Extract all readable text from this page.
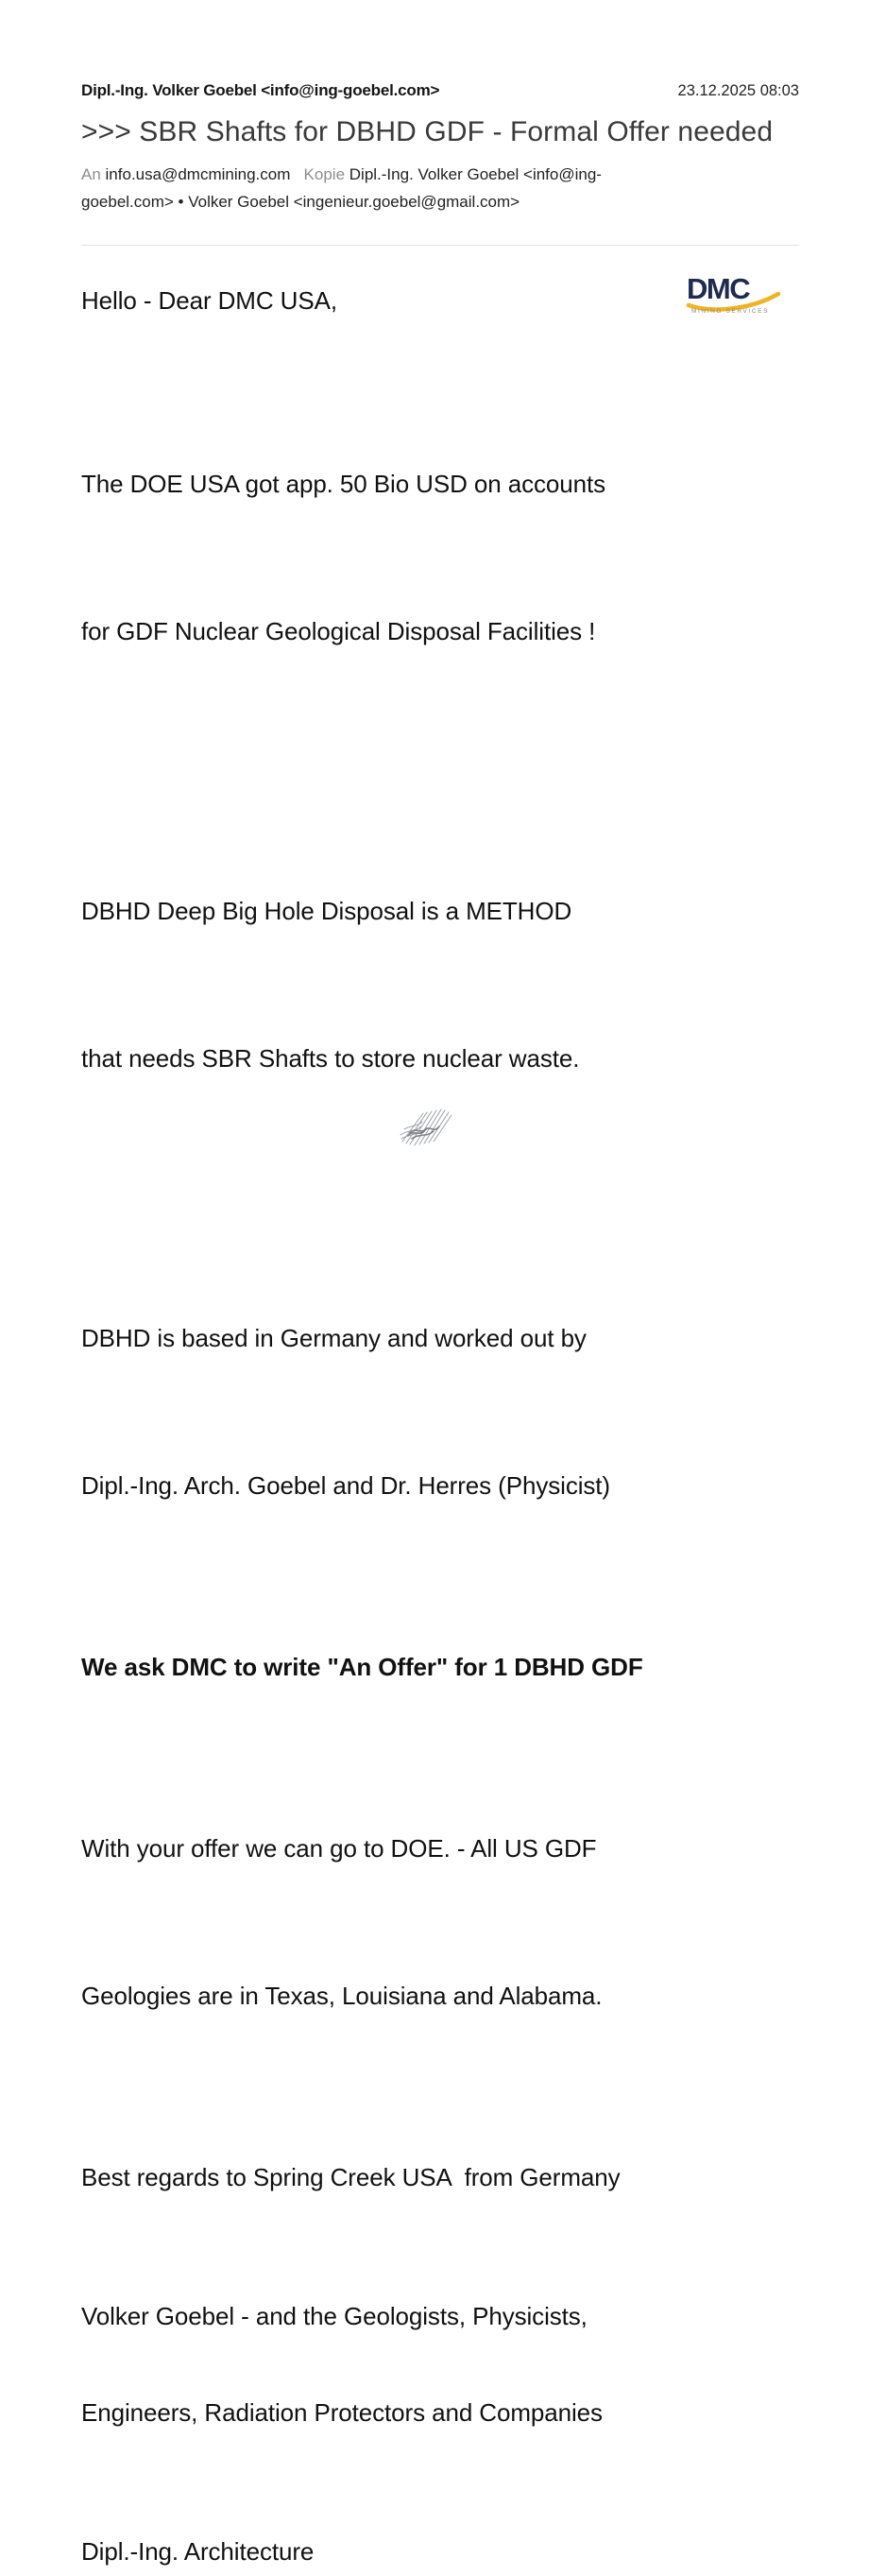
Dipl.-Ing. Volker Goebel <info@ing-goebel.com>	23.12.2025 08:03
>>> SBR Shafts for DBHD GDF - Formal Offer needed
An info.usa@dmcmining.com Kopie Dipl.-Ing. Volker Goebel <info@ing-goebel.com> • Volker Goebel <ingenieur.goebel@gmail.com>
DMC
MINING SERVICES
Hello - Dear DMC USA,

The DOE USA got app. 50 Bio USD on accounts

for GDF Nuclear Geological Disposal Facilities !

DBHD Deep Big Hole Disposal is a METHOD

that needs SBR Shafts to store nuclear waste.

DBHD is based in Germany and worked out by

Dipl.-Ing. Arch. Goebel and Dr. Herres (Physicist)

We ask DMC to write "An Offer" for 1 DBHD GDF

With your offer we can go to DOE. - All US GDF

Geologies are in Texas, Louisiana and Alabama.

Best regards to Spring Creek USA  from Germany

Volker Goebel - and the Geologists, Physicists,

Engineers, Radiation Protectors and Companies

Dipl.-Ing. Architecture
